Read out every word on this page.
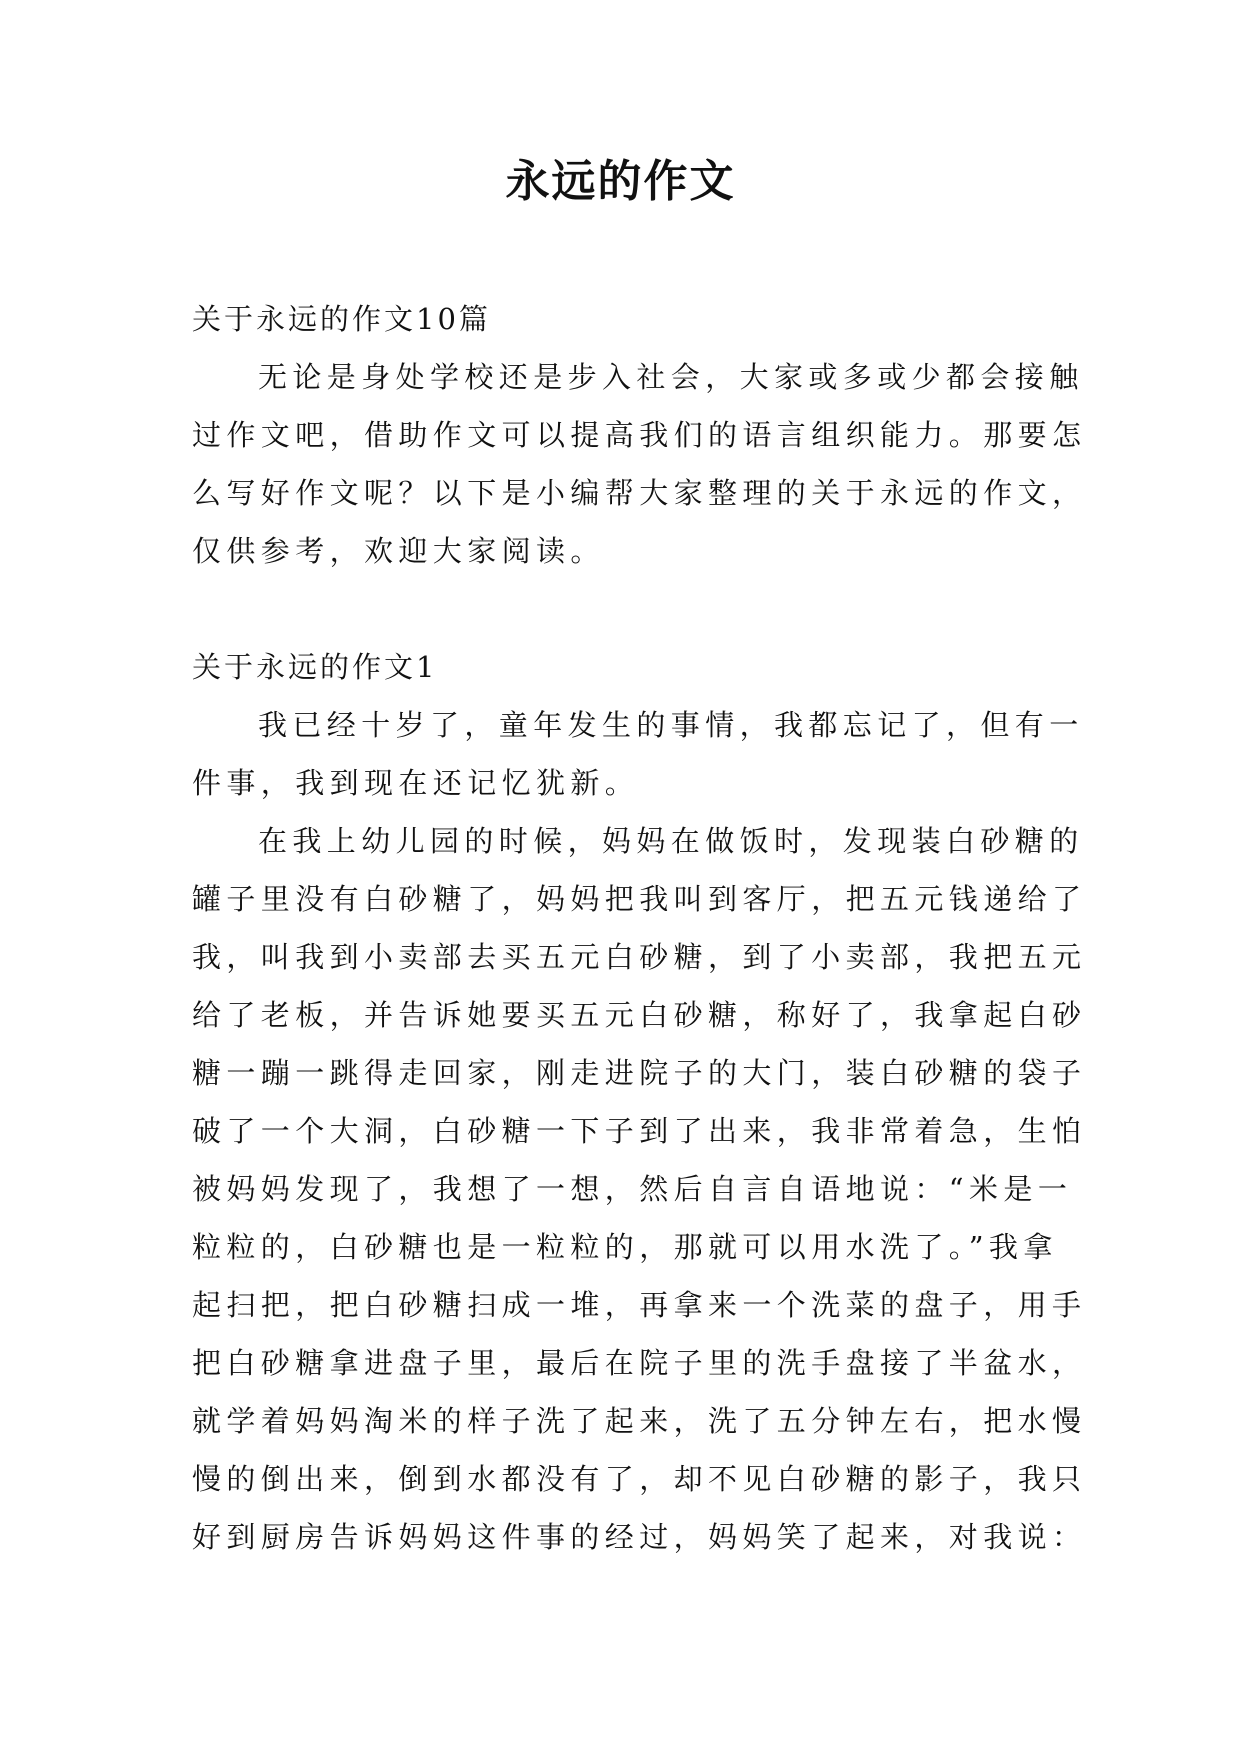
永远的作文
关于永远的作文10篇
无论是身处学校还是步入社会，大家或多或少都会接触
过作文吧，借助作文可以提高我们的语言组织能力。那要怎
么写好作文呢？以下是小编帮大家整理的关于永远的作文，
仅供参考，欢迎大家阅读。
关于永远的作文1
我已经十岁了，童年发生的事情，我都忘记了，但有一
件事，我到现在还记忆犹新。
在我上幼儿园的时候，妈妈在做饭时，发现装白砂糖的
罐子里没有白砂糖了，妈妈把我叫到客厅，把五元钱递给了
我，叫我到小卖部去买五元白砂糖，到了小卖部，我把五元
给了老板，并告诉她要买五元白砂糖，称好了，我拿起白砂
糖一蹦一跳得走回家，刚走进院子的大门，装白砂糖的袋子
破了一个大洞，白砂糖一下子到了出来，我非常着急，生怕
被妈妈发现了，我想了一想，然后自言自语地说：“米是一
粒粒的，白砂糖也是一粒粒的，那就可以用水洗了。”我拿
起扫把，把白砂糖扫成一堆，再拿来一个洗菜的盘子，用手
把白砂糖拿进盘子里，最后在院子里的洗手盘接了半盆水，
就学着妈妈淘米的样子洗了起来，洗了五分钟左右，把水慢
慢的倒出来，倒到水都没有了，却不见白砂糖的影子，我只
好到厨房告诉妈妈这件事的经过，妈妈笑了起来，对我说：
